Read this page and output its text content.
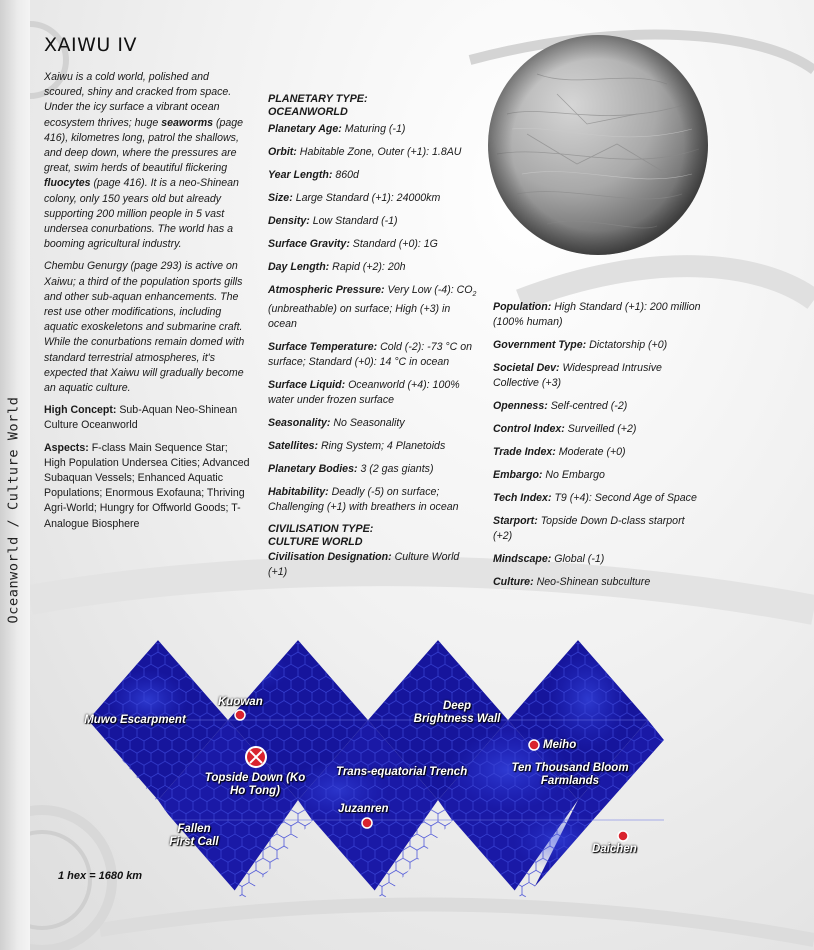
Oceanworld / Culture World
XAIWU IV

Xaiwu is a cold world, polished and scoured, shiny and cracked from space. Under the icy surface a vibrant ocean ecosystem thrives; huge seaworms (page 416), kilometres long, patrol the shallows, and deep down, where the pressures are great, swim herds of beautiful flickering fluocytes (page 416). It is a neo-Shinean colony, only 150 years old but already supporting 200 million people in 5 vast undersea conurbations. The world has a booming agricultural industry.

Chembu Genurgy (page 293) is active on Xaiwu; a third of the population sports gills and other sub-aquan enhancements. The rest use other modifications, including aquatic exoskeletons and submarine craft. While the conurbations remain domed with standard terrestrial atmospheres, it's expected that Xaiwu will gradually become an aquatic culture.

High Concept: Sub-Aquan Neo-Shinean Culture Oceanworld

Aspects: F-class Main Sequence Star; High Population Undersea Cities; Advanced Subaquan Vessels; Enhanced Aquatic Populations; Enormous Exofauna; Thriving Agri-World; Hungry for Offworld Goods; T-Analogue Biosphere

PLANETARY TYPE:
OCEANWORLD
Planetary Age: Maturing (-1)
Orbit: Habitable Zone, Outer (+1): 1.8AU
Year Length: 860d
Size: Large Standard (+1): 24000km
Density: Low Standard (-1)
Surface Gravity: Standard (+0): 1G
Day Length: Rapid (+2): 20h
Atmospheric Pressure: Very Low (-4): $CO_2$ (unbreathable) on surface; High (+3) in ocean
Surface Temperature: Cold (-2): -73 °C on surface; Standard (+0): 14 °C in ocean
Surface Liquid: Oceanworld (+4): 100% water under frozen surface
Seasonality: No Seasonality
Satellites: Ring System; 4 Planetoids
Planetary Bodies: 3 (2 gas giants)
Habitability: Deadly (-5) on surface; Challenging (+1) with breathers in ocean
CIVILISATION TYPE:
CULTURE WORLD
Civilisation Designation: Culture World (+1)
Population: High Standard (+1): 200 million (100% human)
Government Type: Dictatorship (+0)
Societal Dev: Widespread Intrusive Collective (+3)
Openness: Self-centred (-2)
Control Index: Surveilled (+2)
Trade Index: Moderate (+0)
Embargo: No Embargo
Tech Index: T9 (+4): Second Age of Space
Starport: Topside Down D-class starport (+2)
Mindscape: Global (-1)
Culture: Neo-Shinean subculture
Muwo Escarpment
Kuowan
Topside Down (Ko Ho Tong)
Deep Brightness Wall
Meiho
Trans-equatorial Trench	Ten Thousand Bloom Farmlands
Juzanren
Fallen First Call
Daichen
1 hex = 1680 km
